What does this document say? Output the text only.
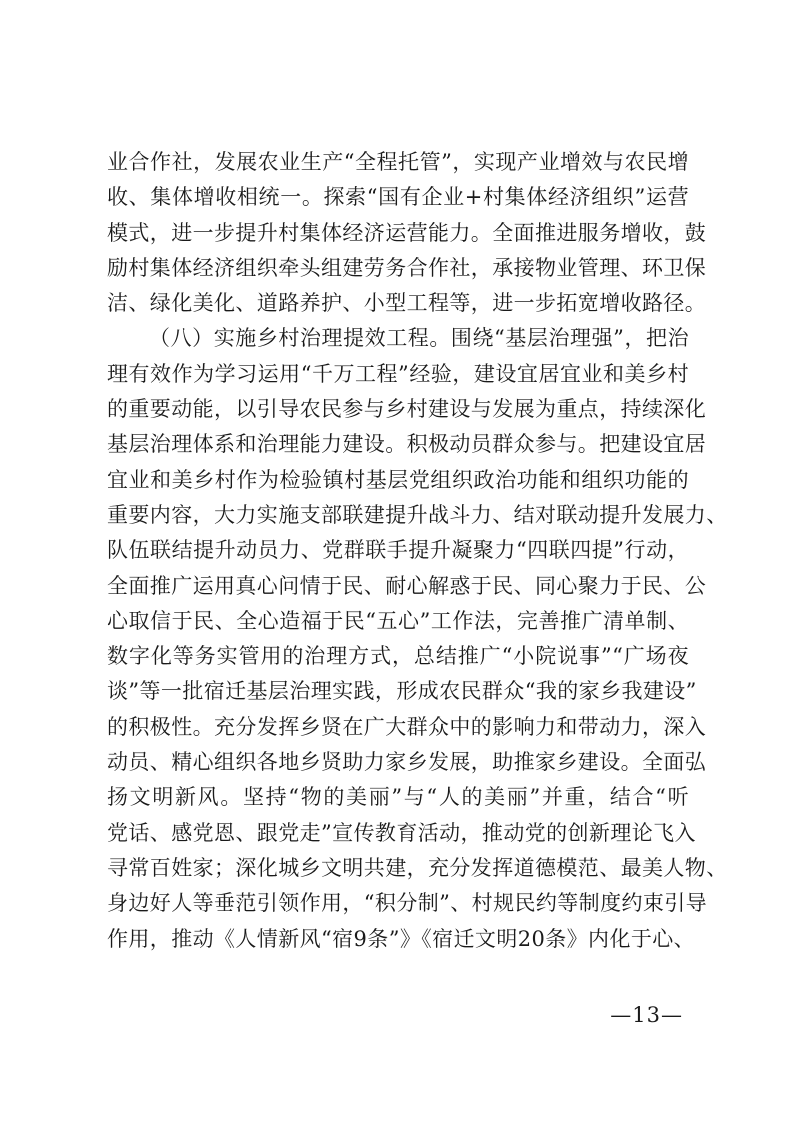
业合作社，发展农业生产“全程托管”，实现产业增效与农民增
收、集体增收相统一。探索“国有企业+村集体经济组织”运营
模式，进一步提升村集体经济运营能力。全面推进服务增收，鼓
励村集体经济组织牵头组建劳务合作社，承接物业管理、环卫保
洁、绿化美化、道路养护、小型工程等，进一步拓宽增收路径。
（八）实施乡村治理提效工程。围绕“基层治理强”，把治
理有效作为学习运用“千万工程”经验，建设宜居宜业和美乡村
的重要动能，以引导农民参与乡村建设与发展为重点，持续深化
基层治理体系和治理能力建设。积极动员群众参与。把建设宜居
宜业和美乡村作为检验镇村基层党组织政治功能和组织功能的
重要内容，大力实施支部联建提升战斗力、结对联动提升发展力、
队伍联结提升动员力、党群联手提升凝聚力“四联四提”行动，
全面推广运用真心问情于民、耐心解惑于民、同心聚力于民、公
心取信于民、全心造福于民“五心”工作法，完善推广清单制、
数字化等务实管用的治理方式，总结推广“小院说事”“广场夜
谈”等一批宿迁基层治理实践，形成农民群众“我的家乡我建设”
的积极性。充分发挥乡贤在广大群众中的影响力和带动力，深入
动员、精心组织各地乡贤助力家乡发展，助推家乡建设。全面弘
扬文明新风。坚持“物的美丽”与“人的美丽”并重，结合“听
党话、感党恩、跟党走”宣传教育活动，推动党的创新理论飞入
寻常百姓家；深化城乡文明共建，充分发挥道德模范、最美人物、
身边好人等垂范引领作用，“积分制”、村规民约等制度约束引导
作用，推动《人情新风“宿9条”》《宿迁文明20条》内化于心、
—13—
